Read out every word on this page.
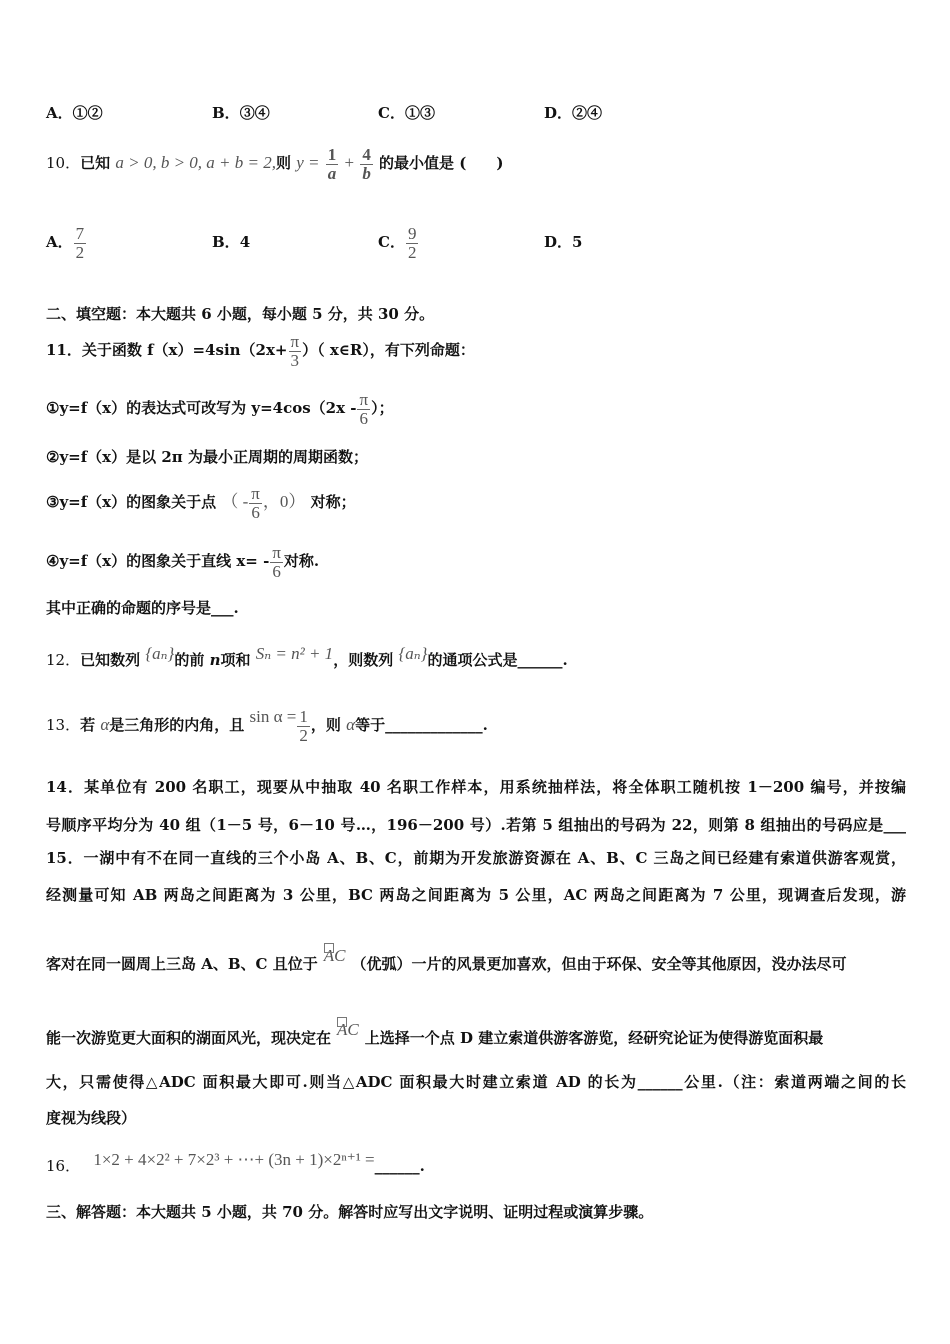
A．①②	B．③④	C．①③	D．②④
10．已知 a > 0, b > 0, a + b = 2,则 $y = \frac{1}{a} + \frac{4}{b}$ 的最小值是 (　　)
A． $\frac{7}{2}$	B．4	C． $\frac{9}{2}$	D．5
二、填空题：本大题共 6 小题，每小题 5 分，共 30 分。
11．关于函数 $f(x)=4\sin(2x+ \frac{\pi}{3}$ ）（ x∈R），有下列命题：
①y=f（x）的表达式可改写为 $y=4\cos(2x - \frac{\pi}{6}$ ）；
②y=f（x）是以 2π 为最小正周期的周期函数；
③y=f（x）的图象关于点 （ - $\frac{\pi}{6}$ ，0） 对称；
④y=f（x）的图象关于直线 $x= - \frac{\pi}{6}$ 对称.
其中正确的命题的序号是___.
12．已知数列 {aₙ}的前 n项和 Sₙ = n² + 1，则数列 {aₙ}的通项公式是______.
13．若 α是三角形的内角，且 $\sin \alpha = \frac{1}{2}$ ，则 α等于_____________.
14．某单位有 200 名职工，现要从中抽取 40 名职工作样本，用系统抽样法，将全体职工随机按 1－200 编号，并按编
号顺序平均分为 40 组（1－5 号，6－10 号…，196－200 号）.若第 5 组抽出的号码为 22，则第 8 组抽出的号码应是___
15．一湖中有不在同一直线的三个小岛 A、B、C，前期为开发旅游资源在 A、B、C 三岛之间已经建有索道供游客观赏，
经测量可知 AB 两岛之间距离为 3 公里，BC 两岛之间距离为 5 公里，AC 两岛之间距离为 7 公里，现调查后发现，游
客对在同一圆周上三岛 A、B、C 且位于 AC （优弧）一片的风景更加喜欢，但由于环保、安全等其他原因，没办法尽可
能一次游览更大面积的湖面风光，现决定在 AC 上选择一个点 D 建立索道供游客游览，经研究论证为使得游览面积最
大，只需使得△ADC 面积最大即可.则当△ADC 面积最大时建立索道 AD 的长为______公里.（注：索道两端之间的长
度视为线段）
16． 1×2 + 4×2² + 7×2³ + ⋯+ (3n + 1)×2ⁿ⁺¹ =______.
三、解答题：本大题共 5 小题，共 70 分。解答时应写出文字说明、证明过程或演算步骤。
